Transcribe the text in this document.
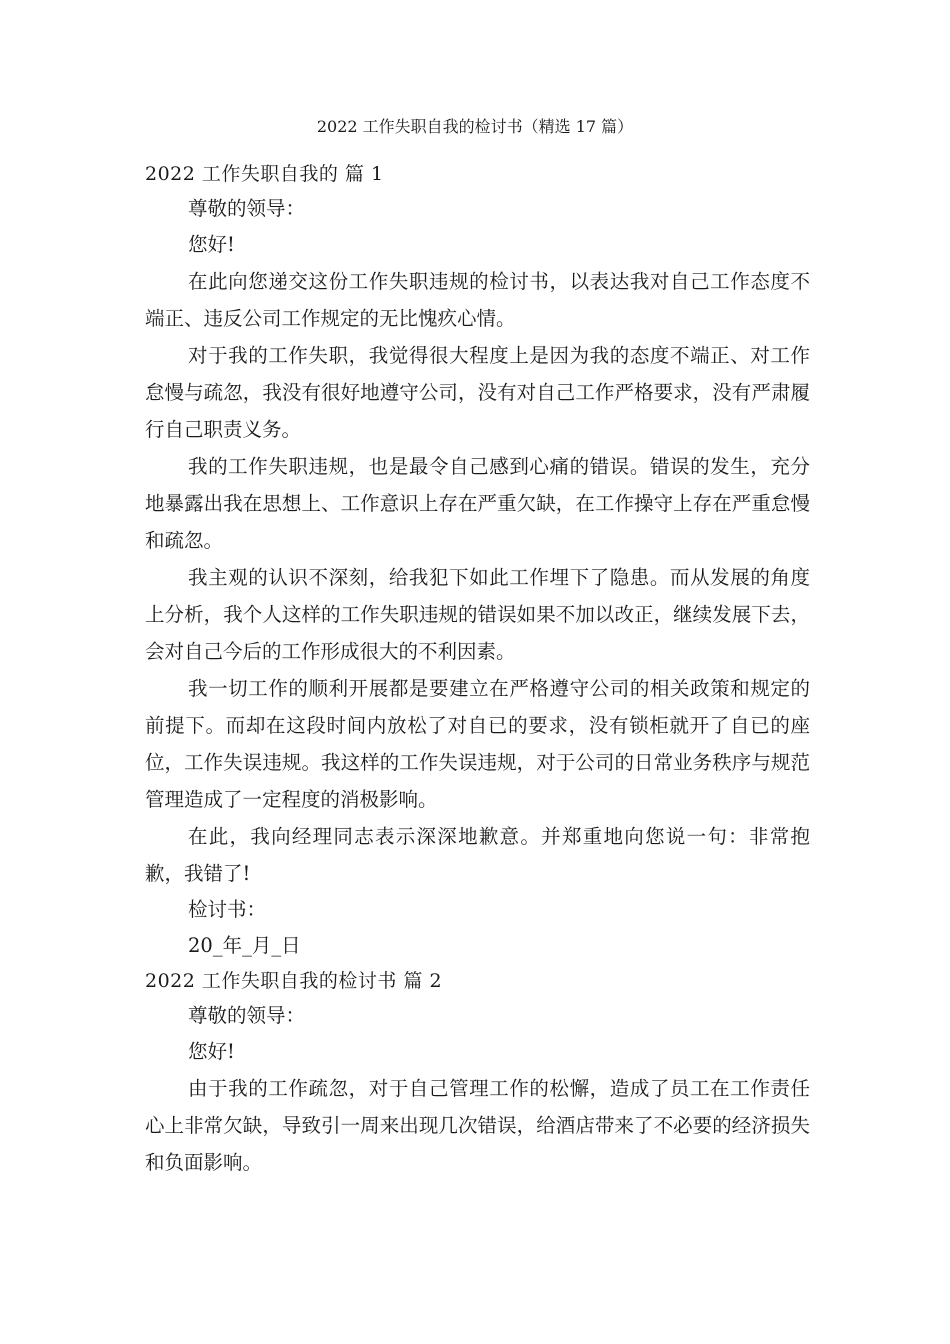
2022 工作失职自我的检讨书（精选 17 篇）

2022 工作失职自我的 篇 1

尊敬的领导：

您好!

在此向您递交这份工作失职违规的检讨书，以表达我对自己工作态度不端正、违反公司工作规定的无比愧疚心情。

对于我的工作失职，我觉得很大程度上是因为我的态度不端正、对工作怠慢与疏忽，我没有很好地遵守公司，没有对自己工作严格要求，没有严肃履行自己职责义务。

我的工作失职违规，也是最令自己感到心痛的错误。错误的发生，充分地暴露出我在思想上、工作意识上存在严重欠缺，在工作操守上存在严重怠慢和疏忽。

我主观的认识不深刻，给我犯下如此工作埋下了隐患。而从发展的角度上分析，我个人这样的工作失职违规的错误如果不加以改正，继续发展下去，会对自己今后的工作形成很大的不利因素。

我一切工作的顺利开展都是要建立在严格遵守公司的相关政策和规定的前提下。而却在这段时间内放松了对自已的要求，没有锁柜就开了自已的座位，工作失误违规。我这样的工作失误违规，对于公司的日常业务秩序与规范管理造成了一定程度的消极影响。

在此，我向经理同志表示深深地歉意。并郑重地向您说一句：非常抱歉，我错了!

检讨书：

20_年_月_日

2022 工作失职自我的检讨书 篇 2

尊敬的领导：

您好!

由于我的工作疏忽，对于自己管理工作的松懈，造成了员工在工作责任心上非常欠缺，导致引一周来出现几次错误，给酒店带来了不必要的经济损失和负面影响。
